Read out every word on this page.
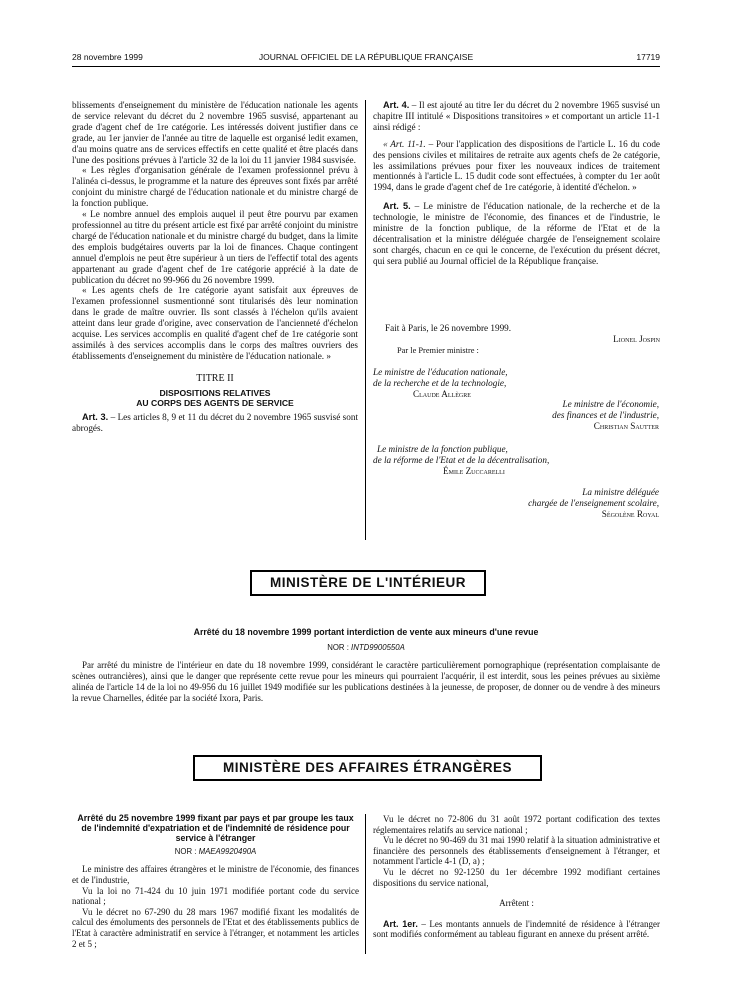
28 novembre 1999	JOURNAL OFFICIEL DE LA RÉPUBLIQUE FRANÇAISE	17719

blissements d'enseignement du ministère de l'éducation nationale les agents de service relevant du décret du 2 novembre 1965 susvisé, appartenant au grade d'agent chef de 1re catégorie. Les intéressés doivent justifier dans ce grade, au 1er janvier de l'année au titre de laquelle est organisé ledit examen, d'au moins quatre ans de services effectifs en cette qualité et être placés dans l'une des positions prévues à l'article 32 de la loi du 11 janvier 1984 susvisée.

« Les règles d'organisation générale de l'examen professionnel prévu à l'alinéa ci-dessus, le programme et la nature des épreuves sont fixés par arrêté conjoint du ministre chargé de l'éducation nationale et du ministre chargé de la fonction publique.

« Le nombre annuel des emplois auquel il peut être pourvu par examen professionnel au titre du présent article est fixé par arrêté conjoint du ministre chargé de l'éducation nationale et du ministre chargé du budget, dans la limite des emplois budgétaires ouverts par la loi de finances. Chaque contingent annuel d'emplois ne peut être supérieur à un tiers de l'effectif total des agents appartenant au grade d'agent chef de 1re catégorie apprécié à la date de publication du décret no 99-966 du 26 novembre 1999.

« Les agents chefs de 1re catégorie ayant satisfait aux épreuves de l'examen professionnel susmentionné sont titularisés dès leur nomination dans le grade de maître ouvrier. Ils sont classés à l'échelon qu'ils avaient atteint dans leur grade d'origine, avec conservation de l'ancienneté d'échelon acquise. Les services accomplis en qualité d'agent chef de 1re catégorie sont assimilés à des services accomplis dans le corps des maîtres ouvriers des établissements d'enseignement du ministère de l'éducation nationale. »

TITRE II
DISPOSITIONS RELATIVES
AU CORPS DES AGENTS DE SERVICE

Art. 3. – Les articles 8, 9 et 11 du décret du 2 novembre 1965 susvisé sont abrogés.

Art. 4. – Il est ajouté au titre Ier du décret du 2 novembre 1965 susvisé un chapitre III intitulé « Dispositions transitoires » et comportant un article 11-1 ainsi rédigé :

« Art. 11-1. – Pour l'application des dispositions de l'article L. 16 du code des pensions civiles et militaires de retraite aux agents chefs de 2e catégorie, les assimilations prévues pour fixer les nouveaux indices de traitement mentionnés à l'article L. 15 dudit code sont effectuées, à compter du 1er août 1994, dans le grade d'agent chef de 1re catégorie, à identité d'échelon. »

Art. 5. – Le ministre de l'éducation nationale, de la recherche et de la technologie, le ministre de l'économie, des finances et de l'industrie, le ministre de la fonction publique, de la réforme de l'Etat et de la décentralisation et la ministre déléguée chargée de l'enseignement scolaire sont chargés, chacun en ce qui le concerne, de l'exécution du présent décret, qui sera publié au Journal officiel de la République française.

Fait à Paris, le 26 novembre 1999.
Lionel Jospin
Par le Premier ministre :
Le ministre de l'éducation nationale,
de la recherche et de la technologie,
Claude Allègre
Le ministre de l'économie,
des finances et de l'industrie,
Christian Sautter
Le ministre de la fonction publique,
de la réforme de l'Etat et de la décentralisation,
Émile Zuccarelli
La ministre déléguée
chargée de l'enseignement scolaire,
Ségolène Royal
MINISTÈRE DE L'INTÉRIEUR
Arrêté du 18 novembre 1999 portant interdiction de vente aux mineurs d'une revue
NOR : INTD9900550A

Par arrêté du ministre de l'intérieur en date du 18 novembre 1999, considérant le caractère particulièrement pornographique (représentation complaisante de scènes outrancières), ainsi que le danger que représente cette revue pour les mineurs qui pourraient l'acquérir, il est interdit, sous les peines prévues au sixième alinéa de l'article 14 de la loi no 49-956 du 16 juillet 1949 modifiée sur les publications destinées à la jeunesse, de proposer, de donner ou de vendre à des mineurs la revue Charnelles, éditée par la société Ixora, Paris.

MINISTÈRE DES AFFAIRES ÉTRANGÈRES
Arrêté du 25 novembre 1999 fixant par pays et par groupe les taux de l'indemnité d'expatriation et de l'indemnité de résidence pour service à l'étranger
NOR : MAEA9920490A

Le ministre des affaires étrangères et le ministre de l'économie, des finances et de l'industrie,

Vu la loi no 71-424 du 10 juin 1971 modifiée portant code du service national ;

Vu le décret no 67-290 du 28 mars 1967 modifié fixant les modalités de calcul des émoluments des personnels de l'Etat et des établissements publics de l'Etat à caractère administratif en service à l'étranger, et notamment les articles 2 et 5 ;

Vu le décret no 72-806 du 31 août 1972 portant codification des textes réglementaires relatifs au service national ;

Vu le décret no 90-469 du 31 mai 1990 relatif à la situation administrative et financière des personnels des établissements d'enseignement à l'étranger, et notamment l'article 4-1 (D, a) ;

Vu le décret no 92-1250 du 1er décembre 1992 modifiant certaines dispositions du service national,

Arrêtent :

Art. 1er. – Les montants annuels de l'indemnité de résidence à l'étranger sont modifiés conformément au tableau figurant en annexe du présent arrêté.
